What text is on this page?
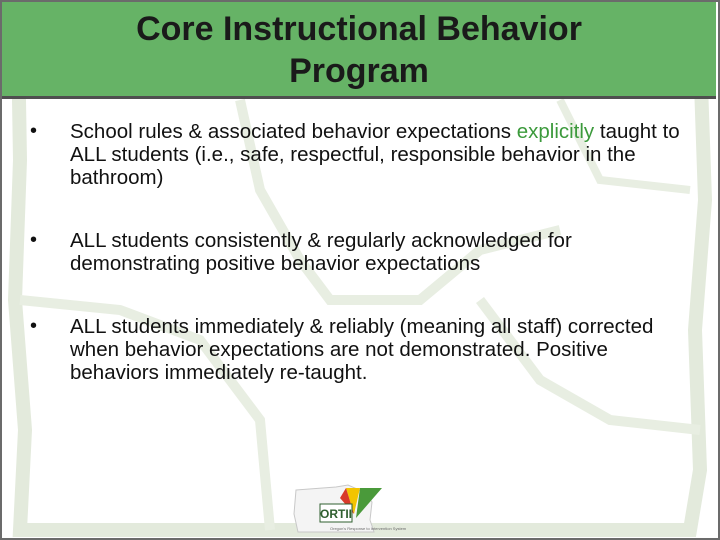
Core Instructional Behavior
Program
• School rules & associated behavior expectations explicitly taught to ALL students (i.e., safe, respectful, responsible behavior in the bathroom)
• ALL students consistently & regularly acknowledged for demonstrating positive behavior expectations
• ALL students immediately & reliably (meaning all staff) corrected when behavior expectations are not demonstrated. Positive behaviors immediately re-taught.
ORTII
Oregon's Response to Intervention System
